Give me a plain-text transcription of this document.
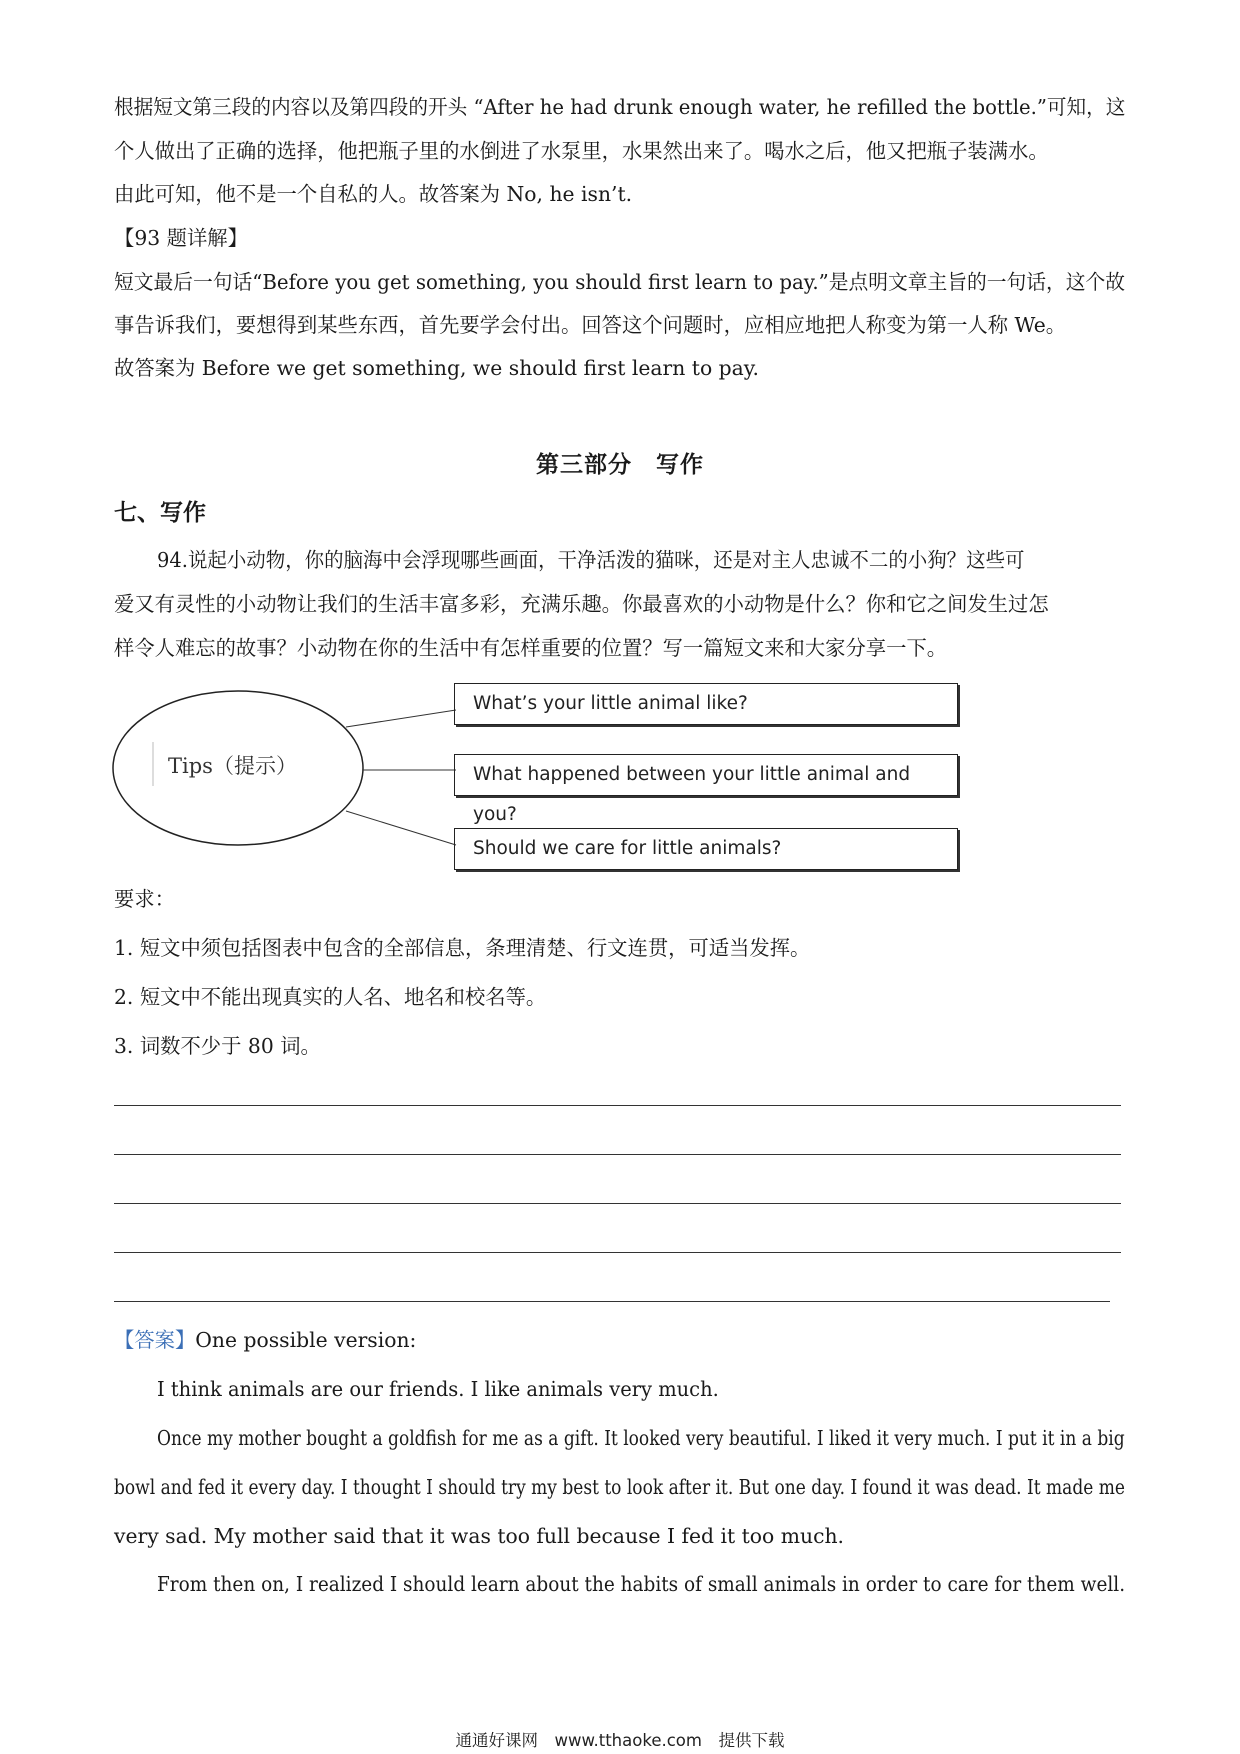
根据短文第三段的内容以及第四段的开头 “After he had drunk enough water, he refilled the bottle.”可知，这
个人做出了正确的选择，他把瓶子里的水倒进了水泵里，水果然出来了。喝水之后，他又把瓶子装满水。
由此可知，他不是一个自私的人。故答案为 No, he isn’t.
【93 题详解】
短文最后一句话“Before you get something, you should first learn to pay.”是点明文章主旨的一句话，这个故
事告诉我们，要想得到某些东西，首先要学会付出。回答这个问题时，应相应地把人称变为第一人称 We。
故答案为 Before we get something, we should first learn to pay.
第三部分　写作
七、写作
94.说起小动物，你的脑海中会浮现哪些画面，干净活泼的猫咪，还是对主人忠诚不二的小狗？这些可
爱又有灵性的小动物让我们的生活丰富多彩，充满乐趣。你最喜欢的小动物是什么？你和它之间发生过怎
样令人难忘的故事？小动物在你的生活中有怎样重要的位置？写一篇短文来和大家分享一下。
Tips（提示）
What’s your little animal like?
What happened between your little animal and you?
Should we care for little animals?
要求：
1. 短文中须包括图表中包含的全部信息，条理清楚、行文连贯，可适当发挥。
2. 短文中不能出现真实的人名、地名和校名等。
3. 词数不少于 80 词。
【答案】One possible version:
I think animals are our friends. I like animals very much.
Once my mother bought a goldfish for me as a gift. It looked very beautiful. I liked it very much. I put it in a big
bowl and fed it every day. I thought I should try my best to look after it. But one day. I found it was dead. It made me
very sad. My mother said that it was too full because I fed it too much.
From then on, I realized I should learn about the habits of small animals in order to care for them well.
通通好课网　www.tthaoke.com　提供下载
